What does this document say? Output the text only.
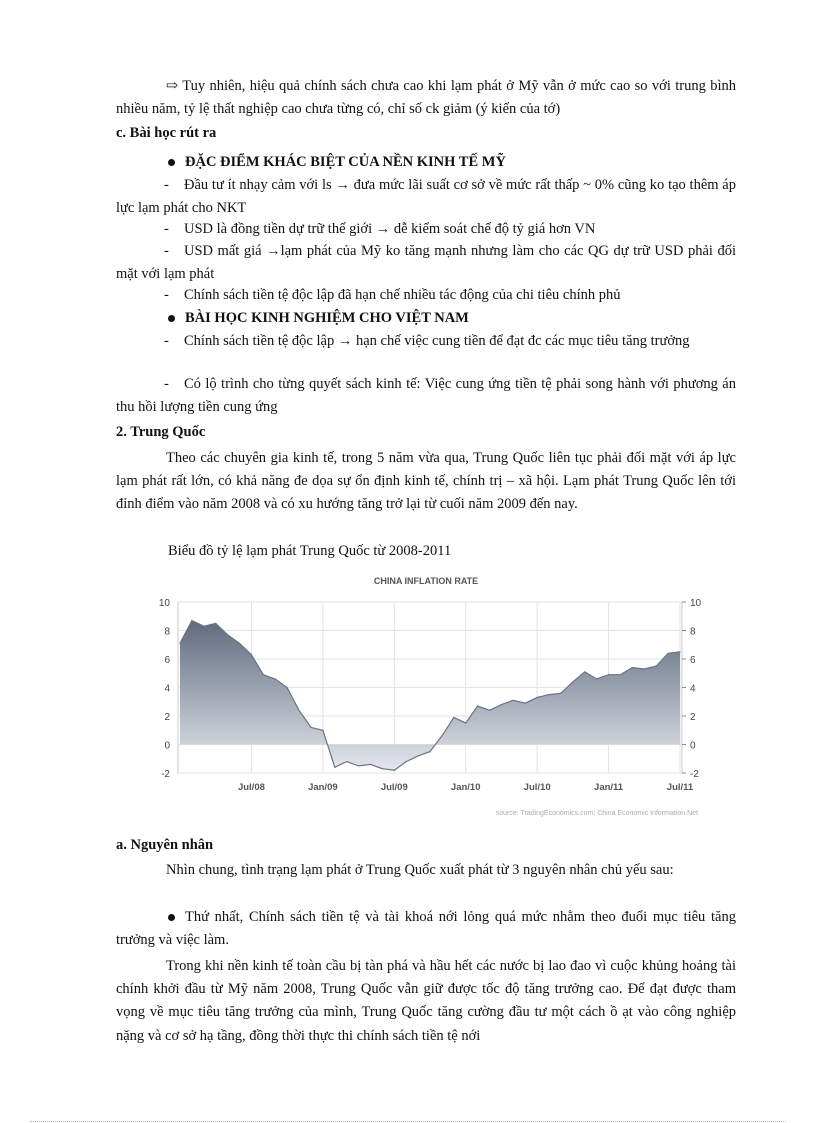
⇨ Tuy nhiên, hiệu quả chính sách chưa cao khi lạm phát ở Mỹ vẫn ở mức cao so với trung bình nhiều năm, tỷ lệ thất nghiệp cao chưa từng có, chỉ số ck giảm (ý kiến của tớ)
c. Bài học rút ra
ĐẶC ĐIỂM KHÁC BIỆT CỦA NỀN KINH TẾ MỸ
- Đầu tư ít nhạy cảm với ls → đưa mức lãi suất cơ sở về mức rất thấp ~ 0% cũng ko tạo thêm áp lực lạm phát cho NKT
- USD là đồng tiền dự trữ thế giới → dễ kiểm soát chế độ tỷ giá hơn VN
- USD mất giá →lạm phát của Mỹ ko tăng mạnh nhưng làm cho các QG dự trữ USD phải đối mặt với lạm phát
- Chính sách tiền tệ độc lập đã hạn chế nhiều tác động của chi tiêu chính phủ
BÀI HỌC KINH NGHIỆM CHO VIỆT NAM
- Chính sách tiền tệ độc lập → hạn chế việc cung tiền để đạt đc các mục tiêu tăng trưởng
- Có lộ trình cho từng quyết sách kinh tế: Việc cung ứng tiền tệ phải song hành với phương án thu hồi lượng tiền cung ứng
2. Trung Quốc
Theo các chuyên gia kinh tế, trong 5 năm vừa qua, Trung Quốc liên tục phải đối mặt với áp lực lạm phát rất lớn, có khả năng đe dọa sự ổn định kinh tế, chính trị – xã hội. Lạm phát Trung Quốc lên tới đỉnh điểm vào năm 2008 và có xu hướng tăng trở lại từ cuối năm 2009 đến nay.
Biểu đồ tỷ lệ lạm phát Trung Quốc từ 2008-2011
CHINA INFLATION RATE
-2	-2
0	0
2	2
4	4
6	6
8	8
10	10
Jul/08	Jan/09	Jul/09	Jan/10	Jul/10	Jan/11	Jul/11
source: TradingEconomics.com; China Economic Information Net
a. Nguyên nhân
Nhìn chung, tình trạng lạm phát ở Trung Quốc xuất phát từ 3 nguyên nhân chủ yếu sau:
Thứ nhất, Chính sách tiền tệ và tài khoá nới lỏng quá mức nhằm theo đuổi mục tiêu tăng trưởng và việc làm.
Trong khi nền kinh tế toàn cầu bị tàn phá và hầu hết các nước bị lao đao vì cuộc khủng hoảng tài chính khởi đầu từ Mỹ năm 2008, Trung Quốc vẫn giữ được tốc độ tăng trưởng cao. Để đạt được tham vọng về mục tiêu tăng trưởng của mình, Trung Quốc tăng cường đầu tư một cách ồ ạt vào công nghiệp nặng và cơ sở hạ tầng, đồng thời thực thi chính sách tiền tệ nới
